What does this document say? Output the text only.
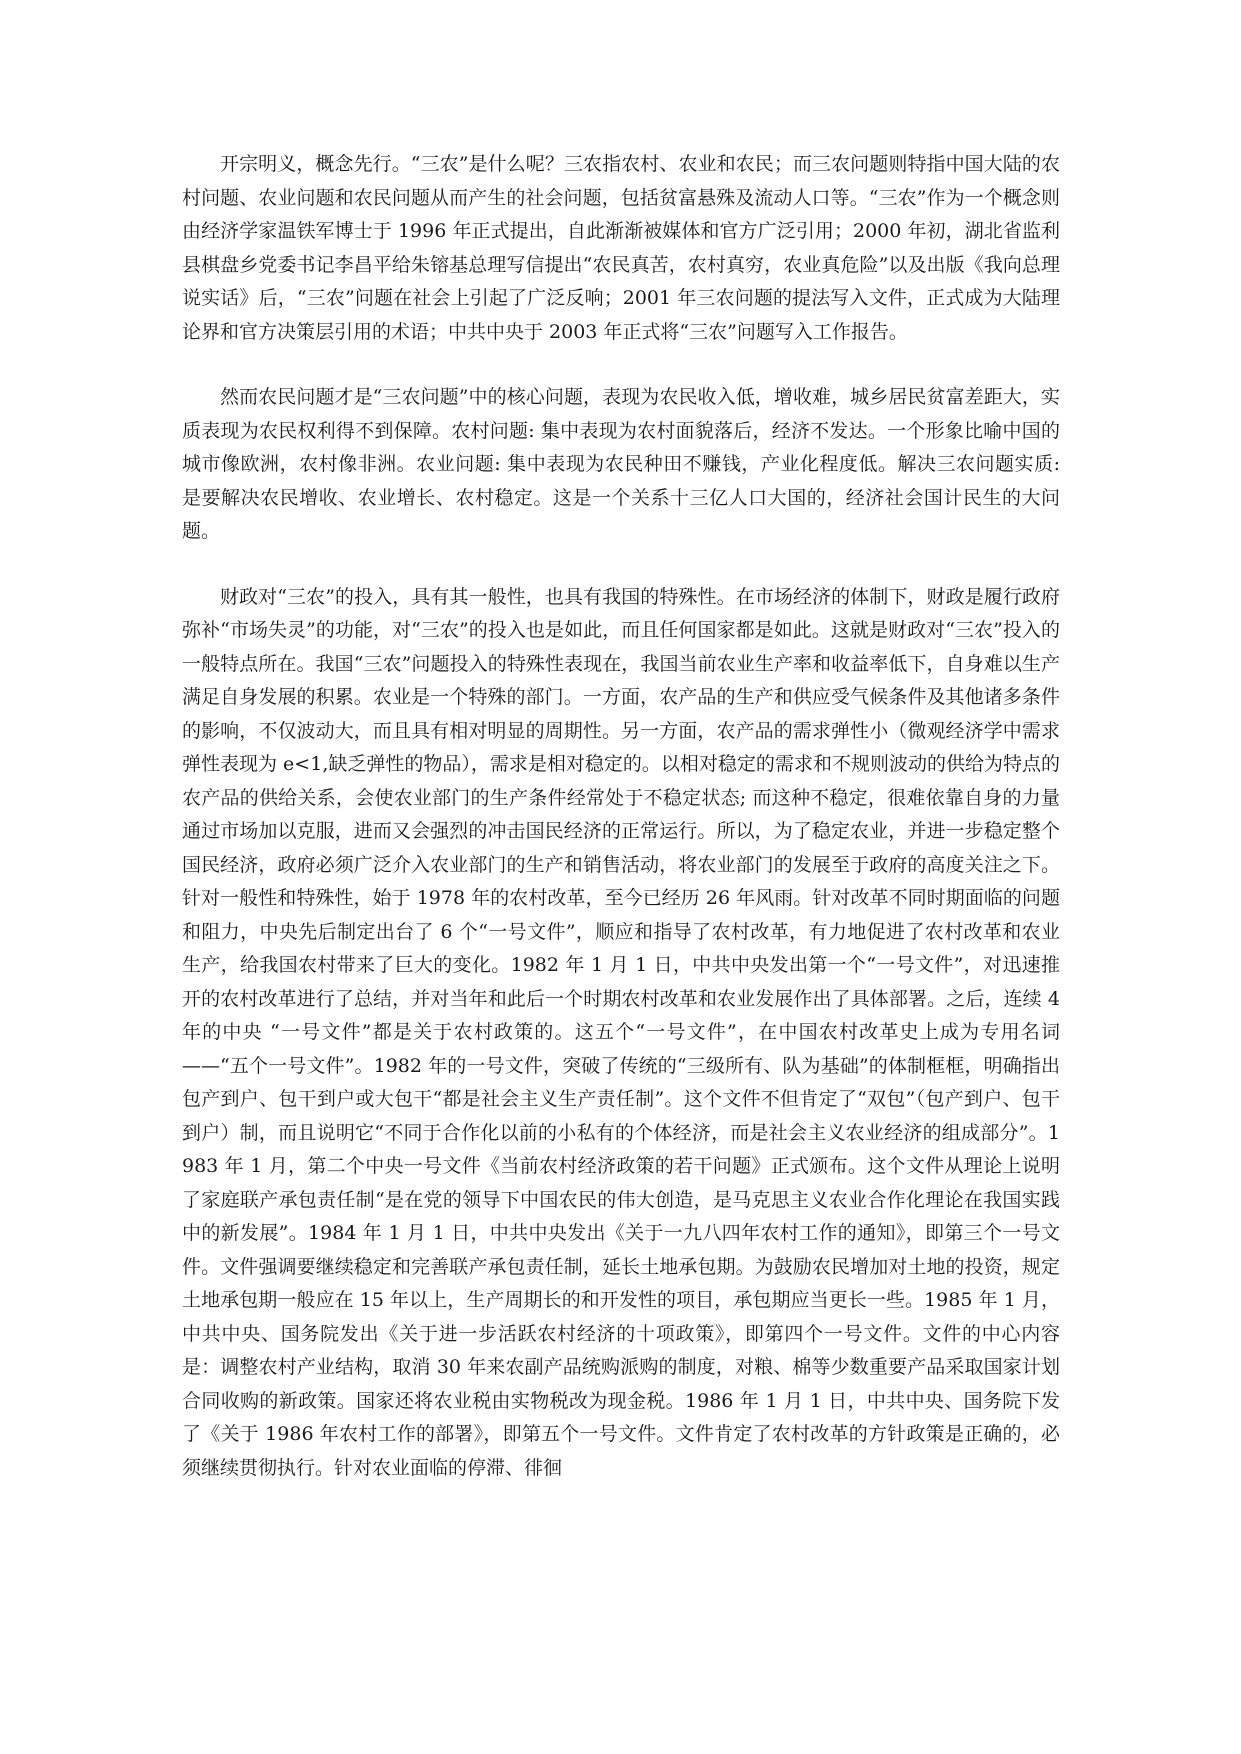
开宗明义，概念先行。“三农”是什么呢？三农指农村、农业和农民；而三农问题则特指中国大陆的农村问题、农业问题和农民问题从而产生的社会问题，包括贫富悬殊及流动人口等。“三农”作为一个概念则由经济学家温铁军博士于 1996 年正式提出，自此渐渐被媒体和官方广泛引用；2000 年初，湖北省监利县棋盘乡党委书记李昌平给朱镕基总理写信提出“农民真苦，农村真穷，农业真危险”以及出版《我向总理说实话》后，“三农”问题在社会上引起了广泛反响；2001 年三农问题的提法写入文件，正式成为大陆理论界和官方决策层引用的术语；中共中央于 2003 年正式将“三农”问题写入工作报告。

然而农民问题才是“三农问题”中的核心问题，表现为农民收入低，增收难，城乡居民贫富差距大，实质表现为农民权利得不到保障。农村问题: 集中表现为农村面貌落后，经济不发达。一个形象比喻中国的城市像欧洲，农村像非洲。农业问题: 集中表现为农民种田不赚钱，产业化程度低。解决三农问题实质: 是要解决农民增收、农业增长、农村稳定。这是一个关系十三亿人口大国的，经济社会国计民生的大问题。

财政对“三农”的投入，具有其一般性，也具有我国的特殊性。在市场经济的体制下，财政是履行政府弥补“市场失灵”的功能，对“三农”的投入也是如此，而且任何国家都是如此。这就是财政对“三农”投入的一般特点所在。我国“三农”问题投入的特殊性表现在，我国当前农业生产率和收益率低下，自身难以生产满足自身发展的积累。农业是一个特殊的部门。一方面，农产品的生产和供应受气候条件及其他诸多条件的影响，不仅波动大，而且具有相对明显的周期性。另一方面，农产品的需求弹性小（微观经济学中需求弹性表现为 e<1,缺乏弹性的物品），需求是相对稳定的。以相对稳定的需求和不规则波动的供给为特点的农产品的供给关系，会使农业部门的生产条件经常处于不稳定状态; 而这种不稳定，很难依靠自身的力量通过市场加以克服，进而又会强烈的冲击国民经济的正常运行。所以，为了稳定农业，并进一步稳定整个国民经济，政府必须广泛介入农业部门的生产和销售活动，将农业部门的发展至于政府的高度关注之下。针对一般性和特殊性，始于 1978 年的农村改革，至今已经历 26 年风雨。针对改革不同时期面临的问题和阻力，中央先后制定出台了 6 个“一号文件”，顺应和指导了农村改革，有力地促进了农村改革和农业生产，给我国农村带来了巨大的变化。1982 年 1 月 1 日，中共中央发出第一个“一号文件”，对迅速推开的农村改革进行了总结，并对当年和此后一个时期农村改革和农业发展作出了具体部署。之后，连续 4 年的中央 “一号文件”都是关于农村政策的。这五个“一号文件”，在中国农村改革史上成为专用名词——“五个一号文件”。1982 年的一号文件，突破了传统的“三级所有、队为基础”的体制框框，明确指出包产到户、包干到户或大包干“都是社会主义生产责任制”。这个文件不但肯定了“双包”（包产到户、包干到户）制，而且说明它“不同于合作化以前的小私有的个体经济，而是社会主义农业经济的组成部分”。1983 年 1 月，第二个中央一号文件《当前农村经济政策的若干问题》正式颁布。这个文件从理论上说明了家庭联产承包责任制“是在党的领导下中国农民的伟大创造，是马克思主义农业合作化理论在我国实践中的新发展”。1984 年 1 月 1 日，中共中央发出《关于一九八四年农村工作的通知》，即第三个一号文件。文件强调要继续稳定和完善联产承包责任制，延长土地承包期。为鼓励农民增加对土地的投资，规定土地承包期一般应在 15 年以上，生产周期长的和开发性的项目，承包期应当更长一些。1985 年 1 月，中共中央、国务院发出《关于进一步活跃农村经济的十项政策》，即第四个一号文件。文件的中心内容是：调整农村产业结构，取消 30 年来农副产品统购派购的制度，对粮、棉等少数重要产品采取国家计划合同收购的新政策。国家还将农业税由实物税改为现金税。1986 年 1 月 1 日，中共中央、国务院下发了《关于 1986 年农村工作的部署》，即第五个一号文件。文件肯定了农村改革的方针政策是正确的，必须继续贯彻执行。针对农业面临的停滞、徘徊
